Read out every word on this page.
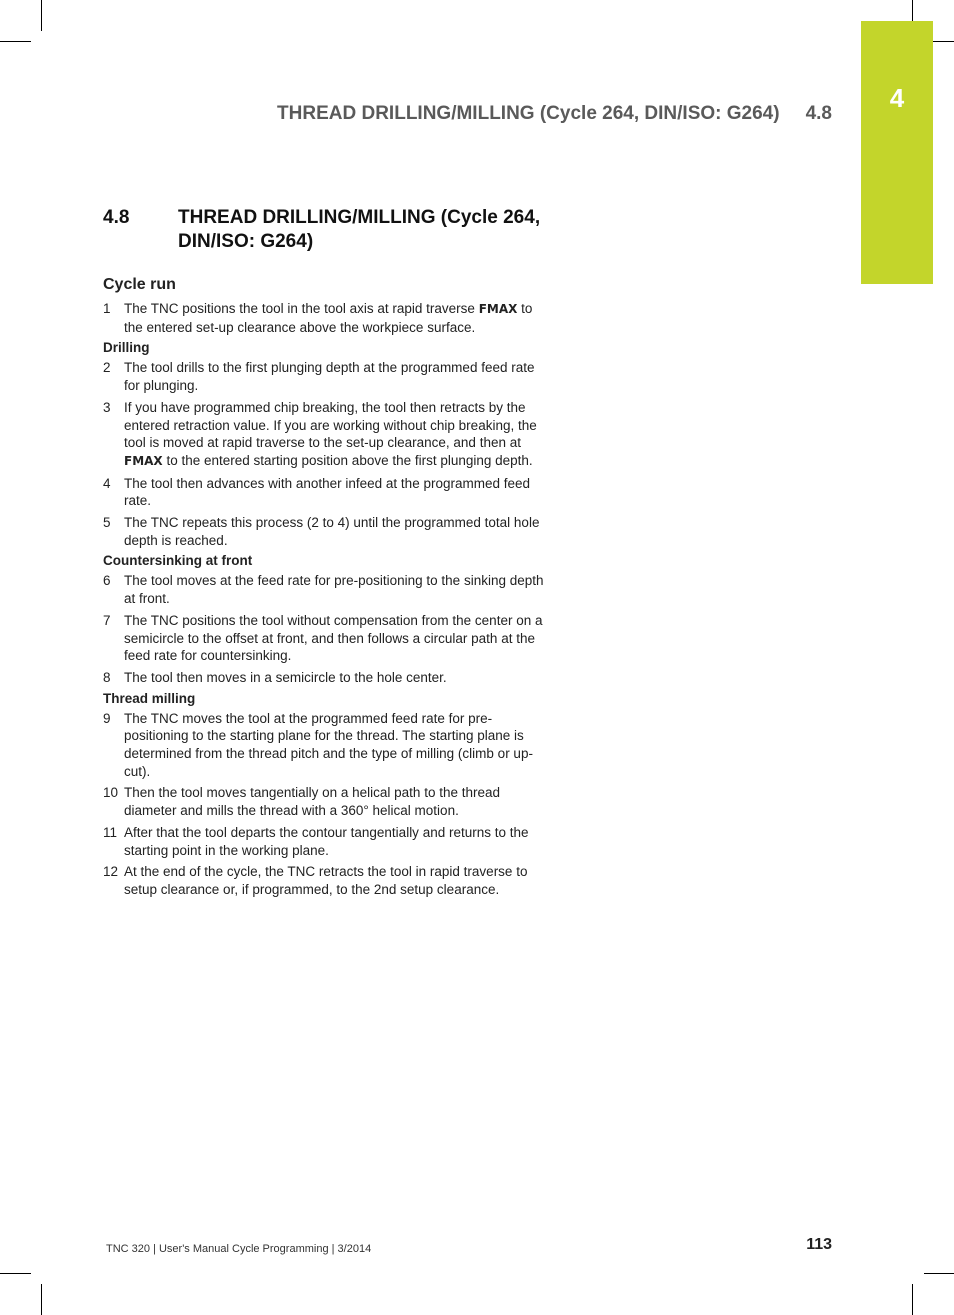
4
THREAD DRILLING/MILLING (Cycle 264, DIN/ISO: G264) 4.8
4.8	THREAD DRILLING/MILLING (Cycle 264, DIN/ISO: G264)
Cycle run
1 The TNC positions the tool in the tool axis at rapid traverse FMAX to the entered set-up clearance above the workpiece surface.
Drilling
2 The tool drills to the first plunging depth at the programmed feed rate for plunging.
3 If you have programmed chip breaking, the tool then retracts by the entered retraction value. If you are working without chip breaking, the tool is moved at rapid traverse to the set-up clearance, and then at FMAX to the entered starting position above the first plunging depth.
4 The tool then advances with another infeed at the programmed feed rate.
5 The TNC repeats this process (2 to 4) until the programmed total hole depth is reached.
Countersinking at front
6 The tool moves at the feed rate for pre-positioning to the sinking depth at front.
7 The TNC positions the tool without compensation from the center on a semicircle to the offset at front, and then follows a circular path at the feed rate for countersinking.
8 The tool then moves in a semicircle to the hole center.
Thread milling
9 The TNC moves the tool at the programmed feed rate for pre-positioning to the starting plane for the thread. The starting plane is determined from the thread pitch and the type of milling (climb or up-cut).
10 Then the tool moves tangentially on a helical path to the thread diameter and mills the thread with a 360° helical motion.
11 After that the tool departs the contour tangentially and returns to the starting point in the working plane.
12 At the end of the cycle, the TNC retracts the tool in rapid traverse to setup clearance or, if programmed, to the 2nd setup clearance.
TNC 320 | User's Manual Cycle Programming | 3/2014	113
